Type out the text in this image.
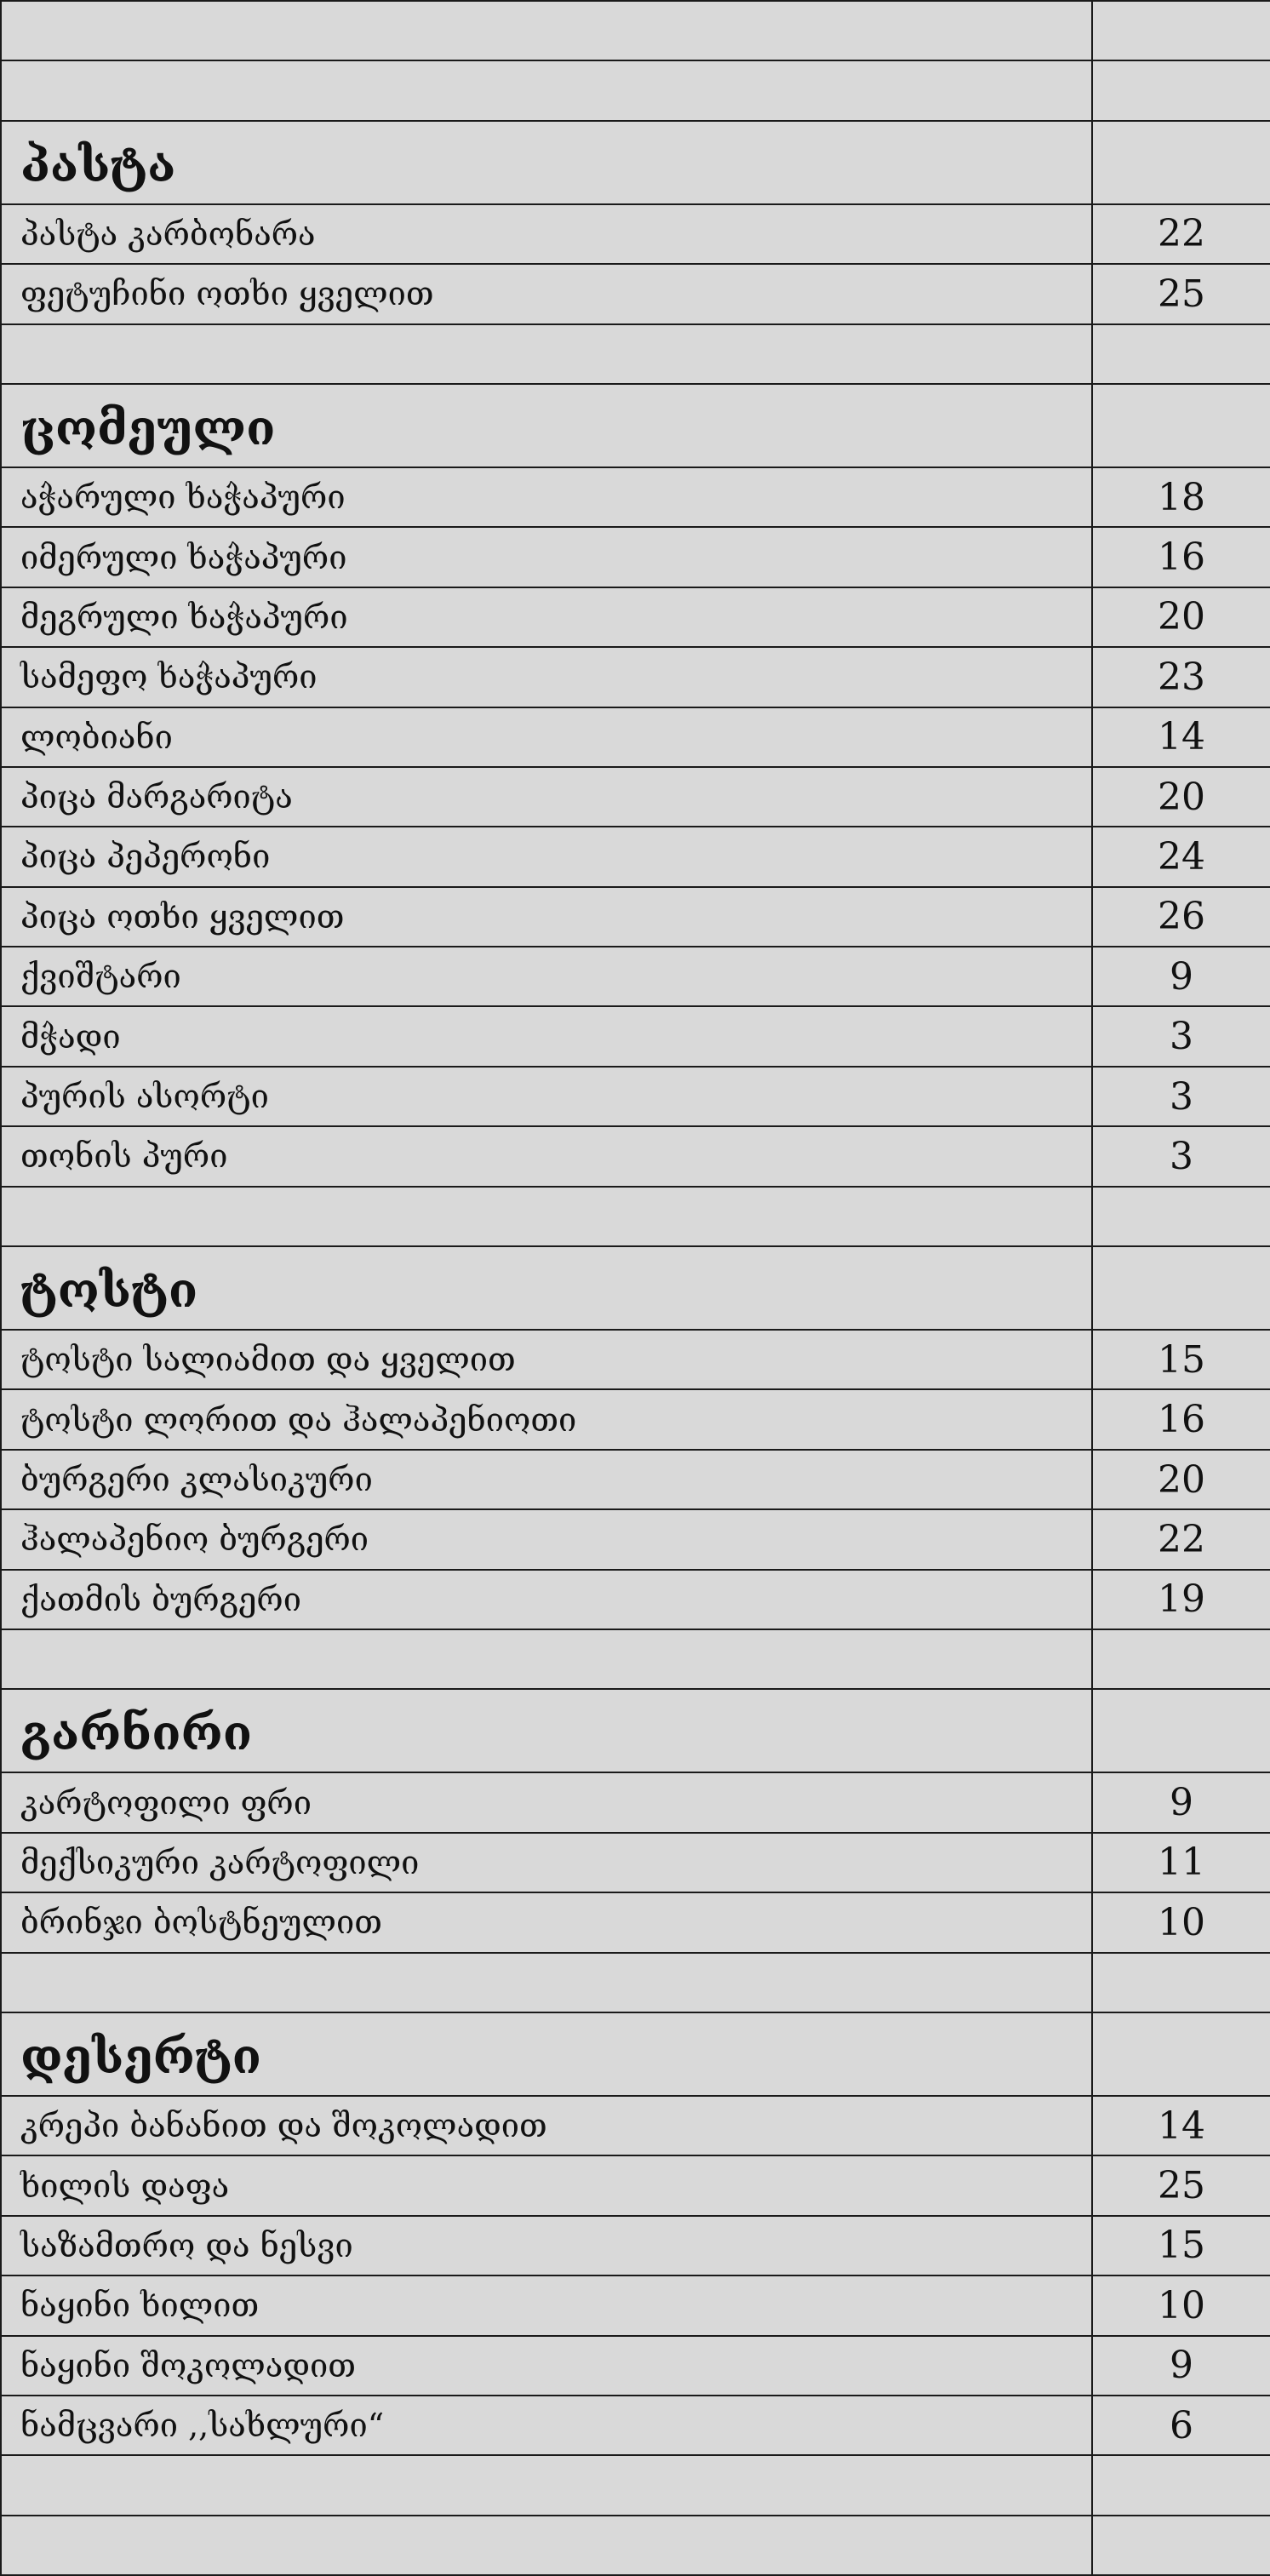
პასტა	
პასტა კარბონარა	22
ფეტუჩინი ოთხი ყველით	25

ცომეული	
აჭარული ხაჭაპური	18
იმერული ხაჭაპური	16
მეგრული ხაჭაპური	20
სამეფო ხაჭაპური	23
ლობიანი	14
პიცა მარგარიტა	20
პიცა პეპერონი	24
პიცა ოთხი ყველით	26
ქვიშტარი	9
მჭადი	3
პურის ასორტი	3
თონის პური	3

ტოსტი	
ტოსტი სალიამით და ყველით	15
ტოსტი ლორით და ჰალაპენიოთი	16
ბურგერი კლასიკური	20
ჰალაპენიო ბურგერი	22
ქათმის ბურგერი	19

გარნირი	
კარტოფილი ფრი	9
მექსიკური კარტოფილი	11
ბრინჯი ბოსტნეულით	10

დესერტი	
კრეპი ბანანით და შოკოლადით	14
ხილის დაფა	25
საზამთრო და ნესვი	15
ნაყინი ხილით	10
ნაყინი შოკოლადით	9
ნამცვარი ,,სახლური“	6
